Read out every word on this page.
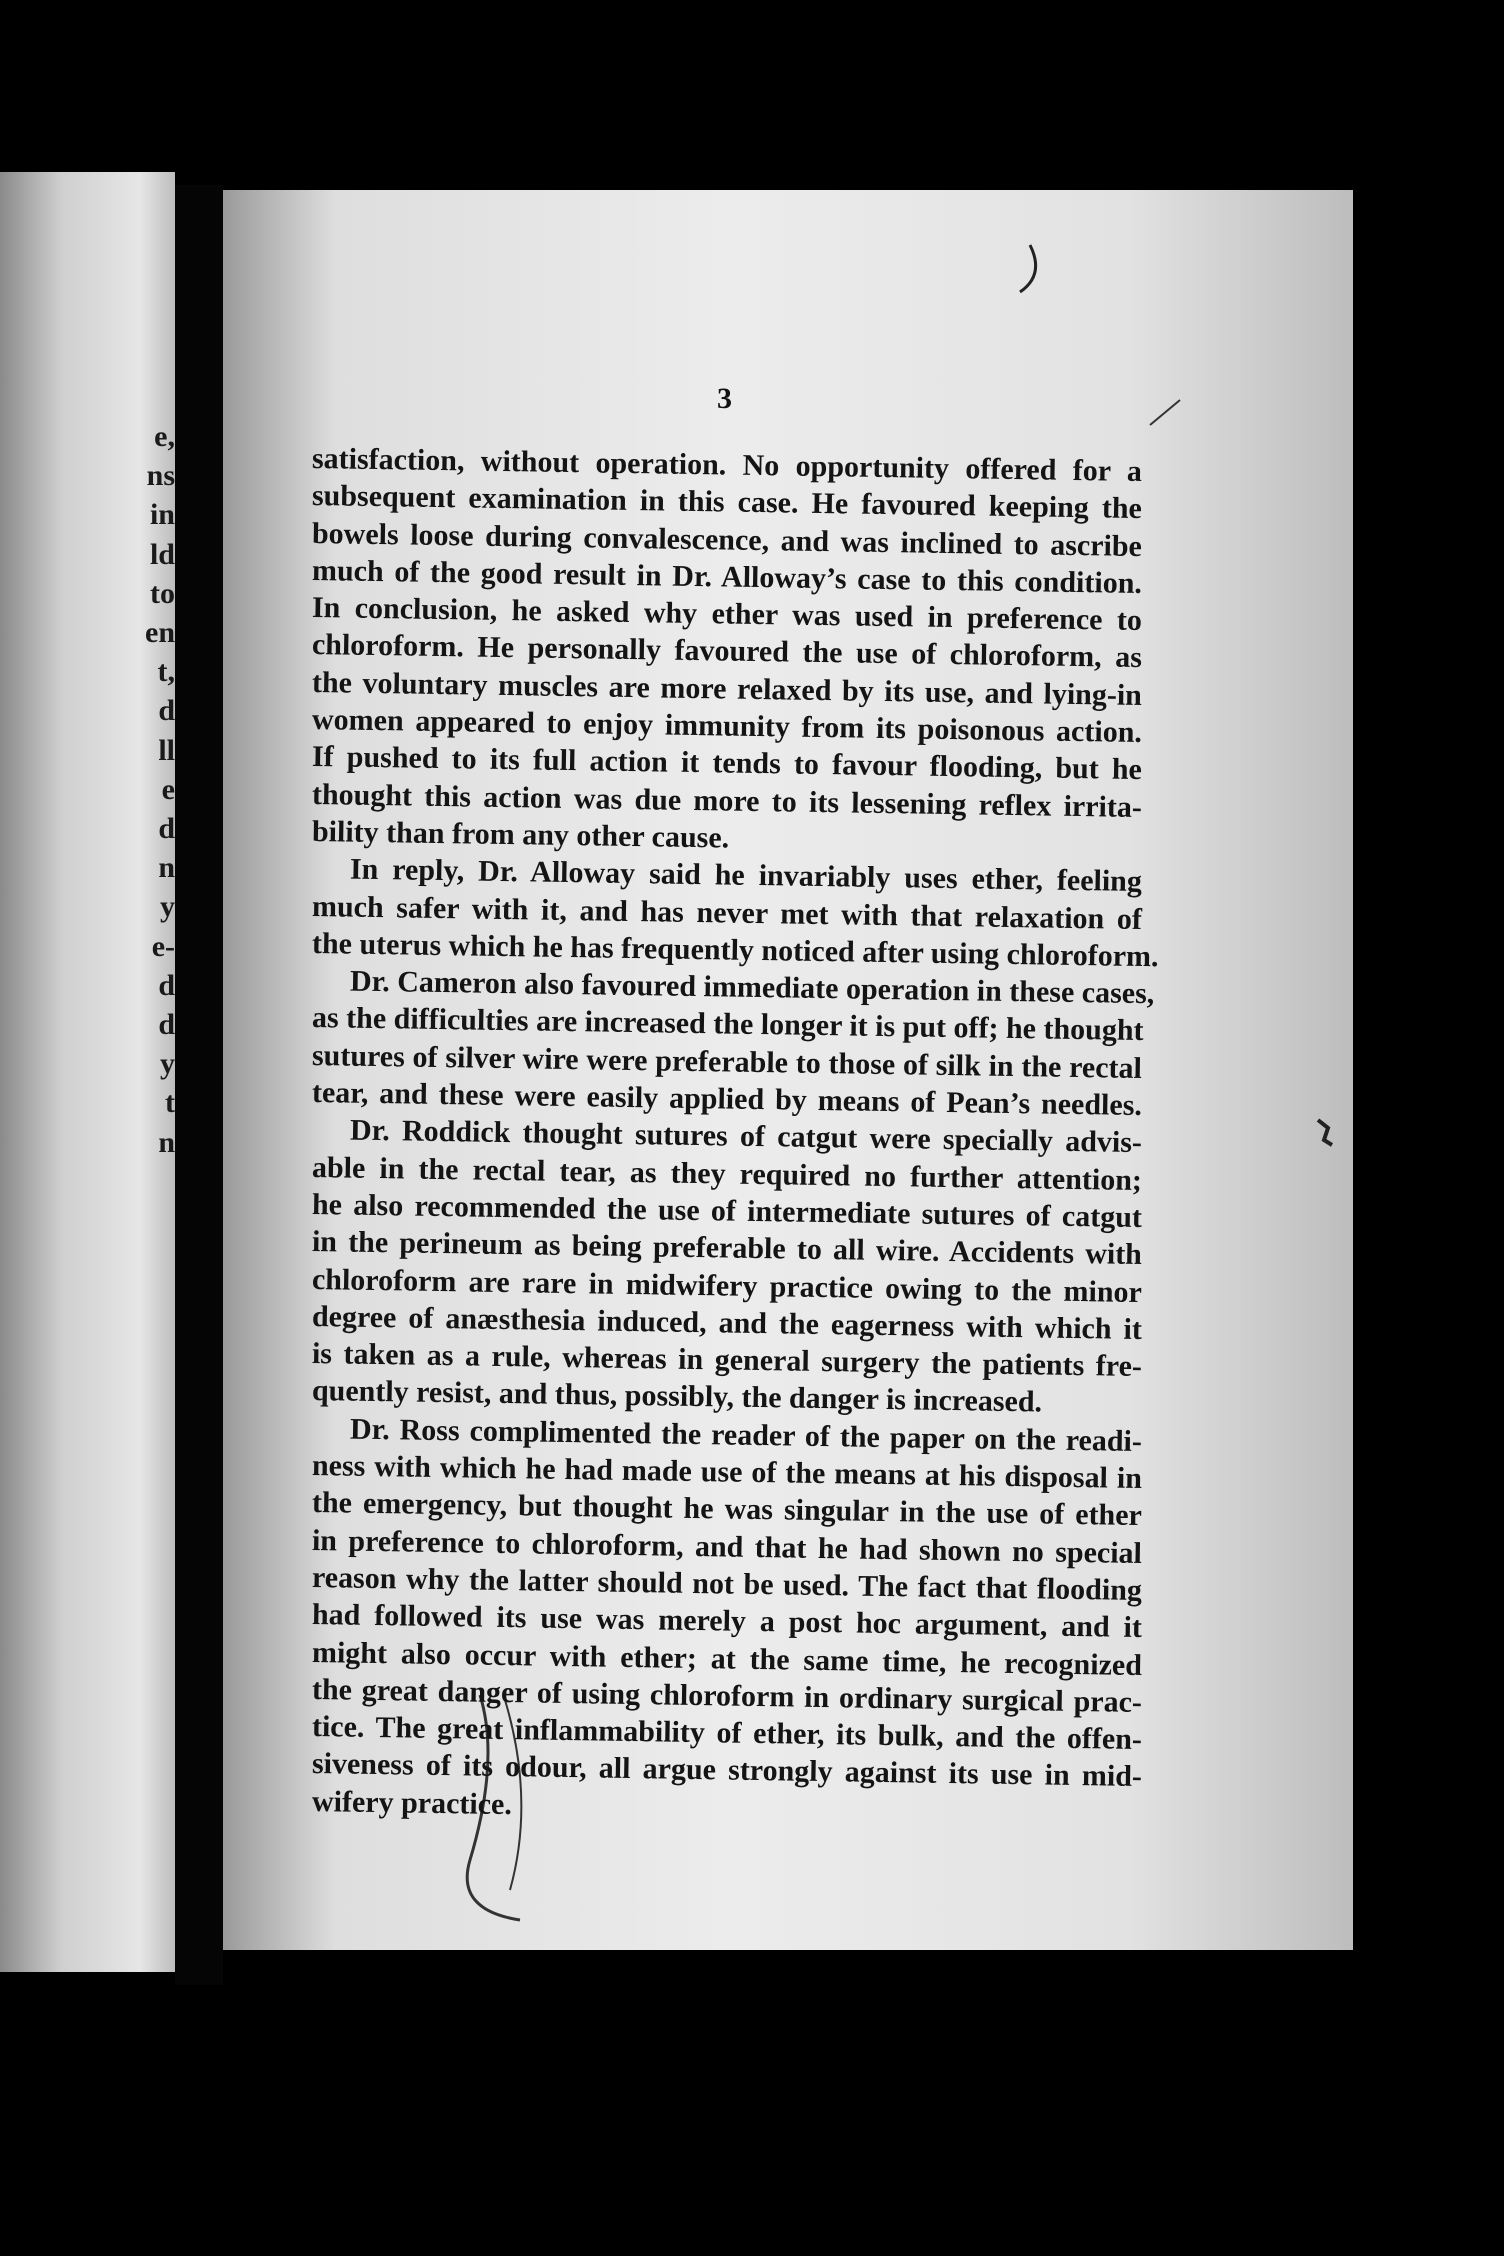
e,
ns
in
ld
to
en
t,
d
ll
e
d
n
y
e-
d
d
y
t
n
3
satisfaction, without operation. No opportunity offered for a
subsequent examination in this case. He favoured keeping the
bowels loose during convalescence, and was inclined to ascribe
much of the good result in Dr. Alloway’s case to this condition.
In conclusion, he asked why ether was used in preference to
chloroform. He personally favoured the use of chloroform, as
the voluntary muscles are more relaxed by its use, and lying-in
women appeared to enjoy immunity from its poisonous action.
If pushed to its full action it tends to favour flooding, but he
thought this action was due more to its lessening reflex irrita-
bility than from any other cause.
In reply, Dr. Alloway said he invariably uses ether, feeling
much safer with it, and has never met with that relaxation of
the uterus which he has frequently noticed after using chloroform.
Dr. Cameron also favoured immediate operation in these cases,
as the difficulties are increased the longer it is put off; he thought
sutures of silver wire were preferable to those of silk in the rectal
tear, and these were easily applied by means of Pean’s needles.
Dr. Roddick thought sutures of catgut were specially advis-
able in the rectal tear, as they required no further attention;
he also recommended the use of intermediate sutures of catgut
in the perineum as being preferable to all wire. Accidents with
chloroform are rare in midwifery practice owing to the minor
degree of anæsthesia induced, and the eagerness with which it
is taken as a rule, whereas in general surgery the patients fre-
quently resist, and thus, possibly, the danger is increased.
Dr. Ross complimented the reader of the paper on the readi-
ness with which he had made use of the means at his disposal in
the emergency, but thought he was singular in the use of ether
in preference to chloroform, and that he had shown no special
reason why the latter should not be used. The fact that flooding
had followed its use was merely a post hoc argument, and it
might also occur with ether; at the same time, he recognized
the great danger of using chloroform in ordinary surgical prac-
tice. The great inflammability of ether, its bulk, and the offen-
siveness of its odour, all argue strongly against its use in mid-
wifery practice.
